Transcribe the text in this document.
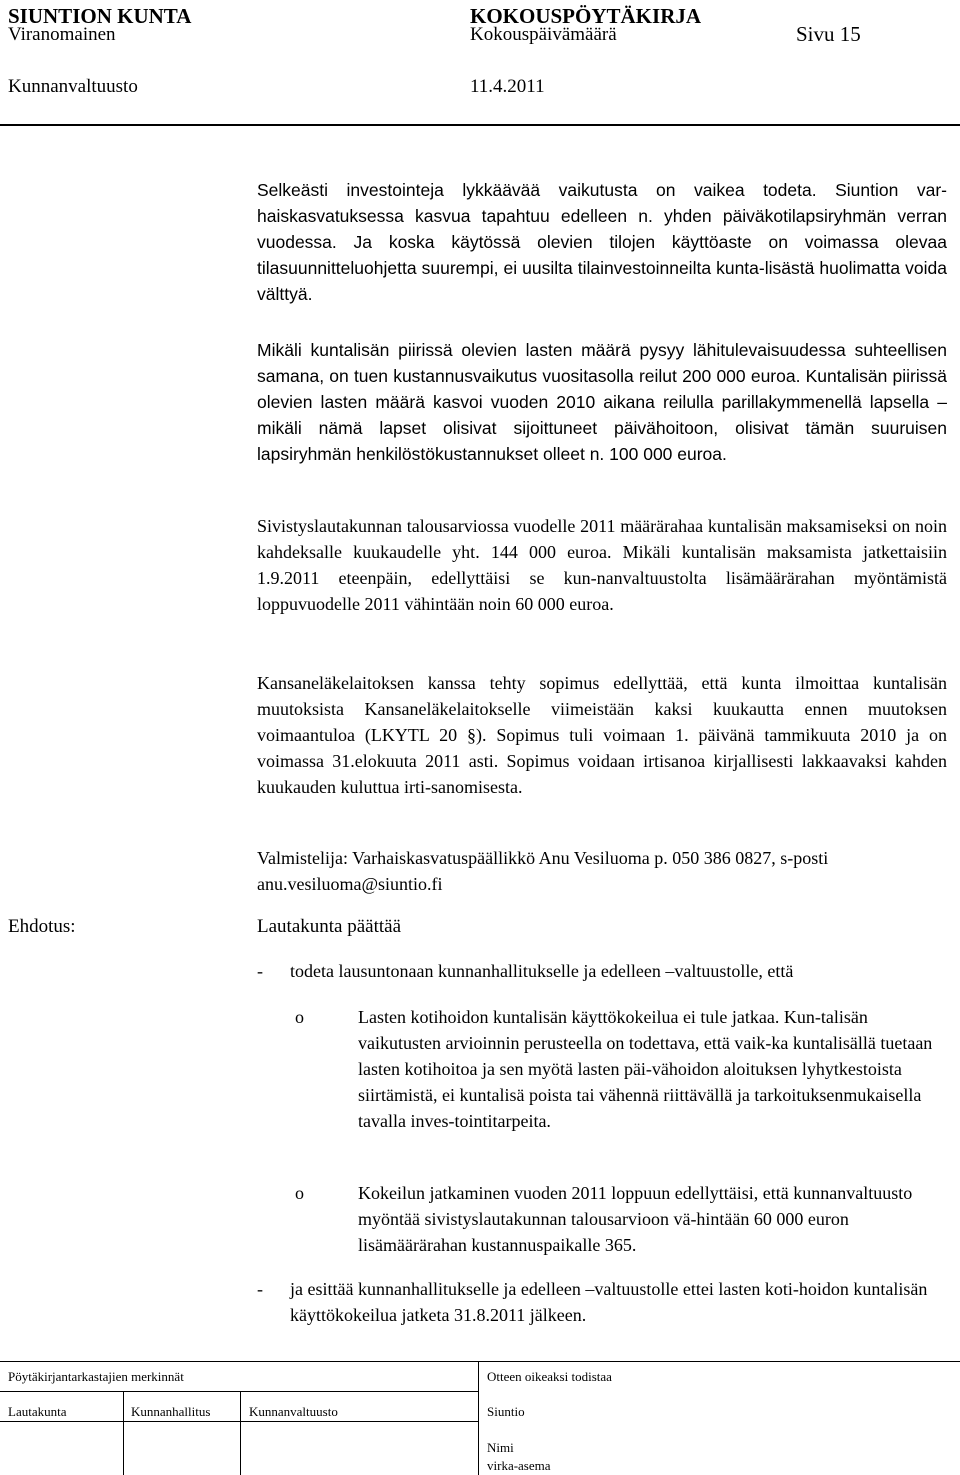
SIUNTION KUNTA	KOKOUSPÖYTÄKIRJA
Viranomainen	Kokouspäivämäärä	Sivu 15
Kunnanvaltuusto	11.4.2011

Selkeästi investointeja lykkäävää vaikutusta on vaikea todeta. Siuntion var-haiskasvatuksessa kasvua tapahtuu edelleen n. yhden päiväkotilapsiryhmän verran vuodessa. Ja koska käytössä olevien tilojen käyttöaste on voimassa olevaa tilasuunnitteluohjetta suurempi, ei uusilta tilainvestoinneilta kunta-lisästä huolimatta voida välttyä.

Mikäli kuntalisän piirissä olevien lasten määrä pysyy lähitulevaisuudessa suhteellisen samana, on tuen kustannusvaikutus vuositasolla reilut 200 000 euroa. Kuntalisän piirissä olevien lasten määrä kasvoi vuoden 2010 aikana reilulla parillakymmenellä lapsella – mikäli nämä lapset olisivat sijoittuneet päivähoitoon, olisivat tämän suuruisen lapsiryhmän henkilöstökustannukset olleet n. 100 000 euroa.

Sivistyslautakunnan talousarviossa vuodelle 2011 määrärahaa kuntalisän maksamiseksi on noin kahdeksalle kuukaudelle yht. 144 000 euroa. Mikäli kuntalisän maksamista jatkettaisiin 1.9.2011 eteenpäin, edellyttäisi se kun-nanvaltuustolta lisämäärärahan myöntämistä loppuvuodelle 2011 vähintään noin 60 000 euroa.

Kansaneläkelaitoksen kanssa tehty sopimus edellyttää, että kunta ilmoittaa kuntalisän muutoksista Kansaneläkelaitokselle viimeistään kaksi kuukautta ennen muutoksen voimaantuloa (LKYTL 20 §). Sopimus tuli voimaan 1. päivänä tammikuuta 2010 ja on voimassa 31.elokuuta 2011 asti. Sopimus voidaan irtisanoa kirjallisesti lakkaavaksi kahden kuukauden kuluttua irti-sanomisesta.

Valmistelija: Varhaiskasvatuspäällikkö Anu Vesiluoma p. 050 386 0827, s-posti anu.vesiluoma@siuntio.fi

Ehdotus:	Lautakunta päättää
- todeta lausuntonaan kunnanhallitukselle ja edelleen –valtuustolle, että

o	Lasten kotihoidon kuntalisän käyttökokeilua ei tule jatkaa. Kun-talisän vaikutusten arvioinnin perusteella on todettava, että vaik-ka kuntalisällä tuetaan lasten kotihoitoa ja sen myötä lasten päi-vähoidon aloituksen lyhytkestoista siirtämistä, ei kuntalisä poista tai vähennä riittävällä ja tarkoituksenmukaisella tavalla inves-tointitarpeita.

o	Kokeilun jatkaminen vuoden 2011 loppuun edellyttäisi, että kunnanvaltuusto myöntää sivistyslautakunnan talousarvioon vä-hintään 60 000 euron lisämäärärahan kustannuspaikalle 365.

- ja esittää kunnanhallitukselle ja edelleen –valtuustolle ettei lasten koti-hoidon kuntalisän käyttökokeilua jatketa 31.8.2011 jälkeen.

Pöytäkirjantarkastajien merkinnät	Otteen oikeaksi todistaa
Lautakunta	Kunnanhallitus	Kunnanvaltuusto	Siuntio
Nimi
virka-asema
